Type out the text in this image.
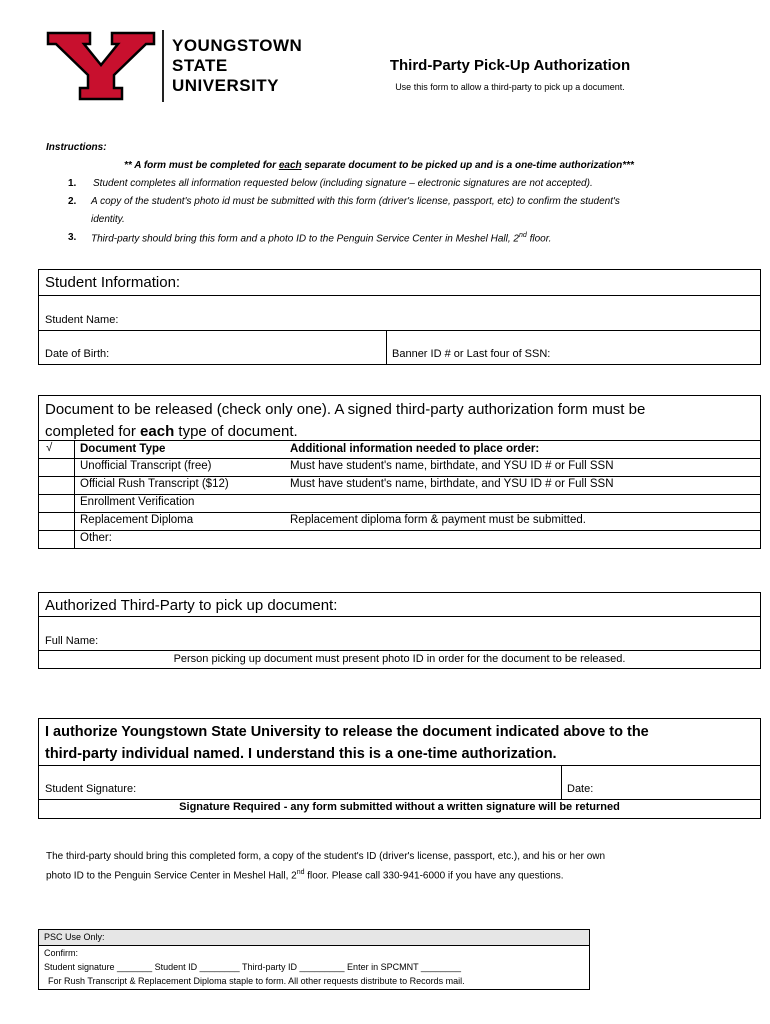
YOUNGSTOWN
STATE
UNIVERSITY
Third-Party Pick-Up Authorization
Use this form to allow a third-party to pick up a document.
Instructions:
** A form must be completed for each separate document to be picked up and is a one-time authorization***
1. Student completes all information requested below (including signature – electronic signatures are not accepted).
2. A copy of the student's photo id must be submitted with this form (driver's license, passport, etc) to confirm the student's
identity.
3. Third-party should bring this form and a photo ID to the Penguin Service Center in Meshel Hall, 2nd floor.
Student Information:
Student Name:
Date of Birth:	Banner ID # or Last four of SSN:
Document to be released (check only one). A signed third-party authorization form must be
completed for each type of document.
√ Document Type	Additional information needed to place order:
Unofficial Transcript (free)	Must have student's name, birthdate, and YSU ID # or Full SSN
Official Rush Transcript ($12)	Must have student's name, birthdate, and YSU ID # or Full SSN
Enrollment Verification
Replacement Diploma	Replacement diploma form & payment must be submitted.
Other:
Authorized Third-Party to pick up document:
Full Name:
Person picking up document must present photo ID in order for the document to be released.
I authorize Youngstown State University to release the document indicated above to the
third-party individual named. I understand this is a one-time authorization.
Student Signature:	Date:
Signature Required - any form submitted without a written signature will be returned
The third-party should bring this completed form, a copy of the student's ID (driver's license, passport, etc.), and his or her own
photo ID to the Penguin Service Center in Meshel Hall, 2nd floor. Please call 330-941-6000 if you have any questions.
PSC Use Only:
Confirm:
Student signature _______ Student ID ________ Third-party ID _________ Enter in SPCMNT ________
For Rush Transcript & Replacement Diploma staple to form. All other requests distribute to Records mail.
